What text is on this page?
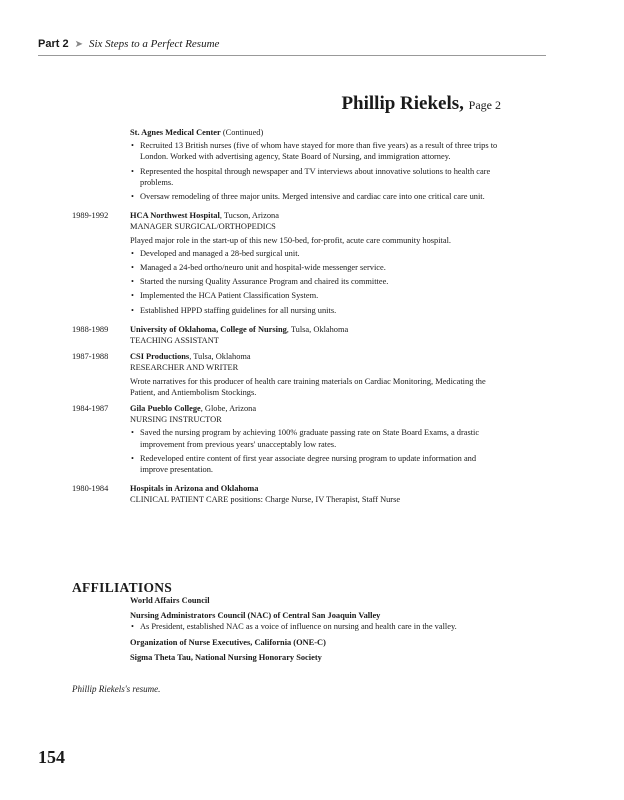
Part 2 ➤ Six Steps to a Perfect Resume
Phillip Riekels, Page 2
St. Agnes Medical Center (Continued)
• Recruited 13 British nurses (five of whom have stayed for more than five years) as a result of three trips to London. Worked with advertising agency, State Board of Nursing, and immigration attorney.
• Represented the hospital through newspaper and TV interviews about innovative solutions to health care problems.
• Oversaw remodeling of three major units. Merged intensive and cardiac care into one critical care unit.
1989-1992	HCA Northwest Hospital, Tucson, Arizona
MANAGER SURGICAL/ORTHOPEDICS
Played major role in the start-up of this new 150-bed, for-profit, acute care community hospital.
• Developed and managed a 28-bed surgical unit.
• Managed a 24-bed ortho/neuro unit and hospital-wide messenger service.
• Started the nursing Quality Assurance Program and chaired its committee.
• Implemented the HCA Patient Classification System.
• Established HPPD staffing guidelines for all nursing units.
1988-1989	University of Oklahoma, College of Nursing, Tulsa, Oklahoma
TEACHING ASSISTANT
1987-1988	CSI Productions, Tulsa, Oklahoma
RESEARCHER AND WRITER
Wrote narratives for this producer of health care training materials on Cardiac Monitoring, Medicating the Patient, and Antiembolism Stockings.
1984-1987	Gila Pueblo College, Globe, Arizona
NURSING INSTRUCTOR
• Saved the nursing program by achieving 100% graduate passing rate on State Board Exams, a drastic improvement from previous years' unacceptably low rates.
• Redeveloped entire content of first year associate degree nursing program to update information and improve presentation.
1980-1984	Hospitals in Arizona and Oklahoma
CLINICAL PATIENT CARE positions: Charge Nurse, IV Therapist, Staff Nurse
AFFILIATIONS
World Affairs Council
Nursing Administrators Council (NAC) of Central San Joaquin Valley
• As President, established NAC as a voice of influence on nursing and health care in the valley.
Organization of Nurse Executives, California (ONE-C)
Sigma Theta Tau, National Nursing Honorary Society
Phillip Riekels's resume.
154
